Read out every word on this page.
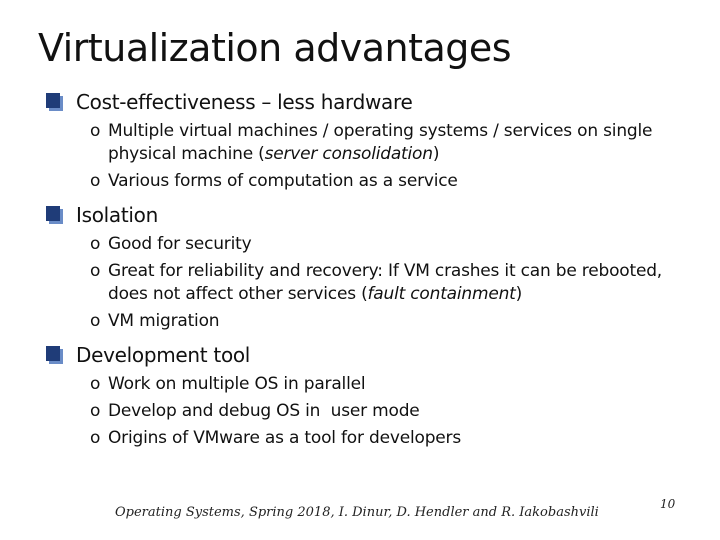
Virtualization advantages
Cost-effectiveness – less hardware
o Multiple virtual machines / operating systems / services on single physical machine (server consolidation)
o Various forms of computation as a service
Isolation
o Good for security
o Great for reliability and recovery: If VM crashes it can be rebooted, does not affect other services (fault containment)
o VM migration
Development tool
o Work on multiple OS in parallel
o Develop and debug OS in  user mode
o Origins of VMware as a tool for developers
Operating Systems, Spring 2018, I. Dinur, D. Hendler and R. Iakobashvili
10
